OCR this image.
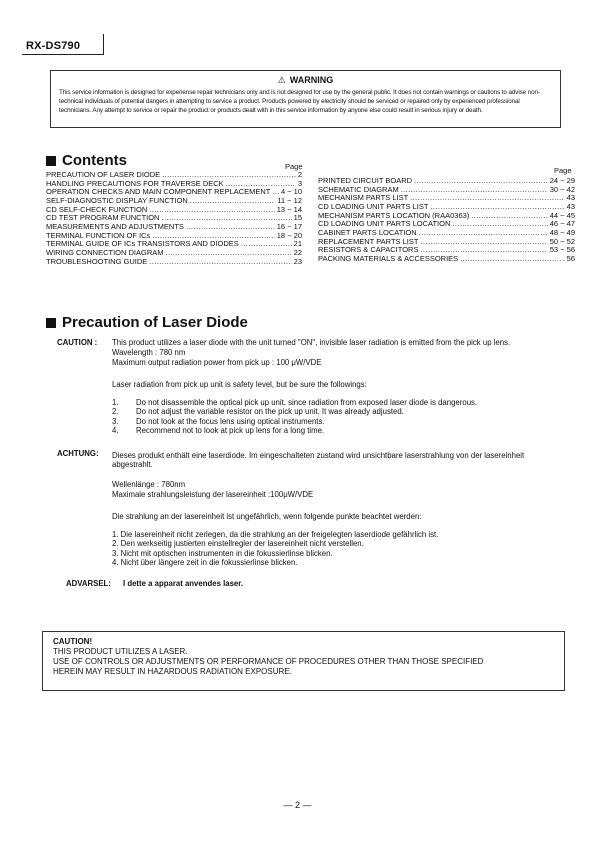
RX-DS790
⚠ WARNING
This service information is designed for experiense repair technicians only and is not designed for use by the general public. It does not contain warnings or cautions to advise non-technical individuals of potential dangers in attempting to service a product. Products powered by electricity should be serviced or repaired only by experienced professional technicians. Any attempt to service or repair the product or products dealt with in this service information by anyone else could result in serious injury or death.
Contents	Page	Page
PRECAUTION OF LASER DIODE .....	2
HANDLING PRECAUTIONS FOR TRAVERSE DECK .....	3
OPERATION CHECKS AND MAIN COMPONENT REPLACEMENT ..... 4 ~ 10
SELF-DIAGNOSTIC DISPLAY FUNCTION .....	11 ~ 12
CD SELF-CHECK FUNCTION .....	13 ~ 14
CD TEST PROGRAM FUNCTION .....	15
MEASUREMENTS AND ADJUSTMENTS .....	16 ~ 17
TERMINAL FUNCTION OF ICs .....	18 ~ 20
TERMINAL GUIDE OF ICs TRANSISTORS AND DIODES .....	21
WIRING CONNECTION DIAGRAM .....	22
TROUBLESHOOTING GUIDE .....	23
PRINTED CIRCUIT BOARD .....	24 ~ 29
SCHEMATIC DIAGRAM .....	30 ~ 42
MECHANISM PARTS LIST .....	43
CD LOADING UNIT PARTS LIST .....	43
MECHANISM PARTS LOCATION (RAA0363) .....	44 ~ 45
CD LOADING UNIT PARTS LOCATION .....	46 ~ 47
CABINET PARTS LOCATION .....	48 ~ 49
REPLACEMENT PARTS LIST .....	50 ~ 52
RESISTORS & CAPACITORS .....	53 ~ 56
PACKING MATERIALS & ACCESSORIES .....	56
Precaution of Laser Diode
CAUTION : This product utilizes a laser diode with the unit turned "ON", invisible laser radiation is emitted from the pick up lens.
Wavelength : 780 nm
Maximum output radiation power from pick up : 100 μW/VDE
Laser radiation from pick up unit is safety level, but be sure the followings:
1.	Do not disassemble the optical pick up unit, since radiation from exposed laser diode is dangerous.
2.	Do not adjust the variable resistor on the pick up unit. It was already adjusted.
3.	Do not look at the focus lens using optical instruments.
4.	Recommend not to look at pick up lens for a long time.
ACHTUNG: Dieses produkt enthält eine laserdiode. Im eingeschalteten zustand wird unsichtbare laserstrahlung von der lasereinheit abgestrahlt.
Wellenlänge : 780nm
Maximale strahlungsleistung der lasereinheit :100μW/VDE
Die strahlung an der lasereinheit ist ungefährlich, wenn folgende punkte beachtet werden:
1. Die lasereinheit nicht zerlegen, da die strahlung an der freigelegten laserdiode gefährlich ist.
2. Den werkseitig justierten einstellregler der lasereinheit nicht verstellen.
3. Nicht mit optischen instrumenten in die fokussierlinse blicken.
4. Nicht über längere zeit in die fokussierlinse blicken.
ADVARSEL: I dette a apparat anvendes laser.
CAUTION!
THIS PRODUCT UTILIZES A LASER.
USE OF CONTROLS OR ADJUSTMENTS OR PERFORMANCE OF PROCEDURES OTHER THAN THOSE SPECIFIED
HEREIN MAY RESULT IN HAZARDOUS RADIATION EXPOSURE.
— 2 —
